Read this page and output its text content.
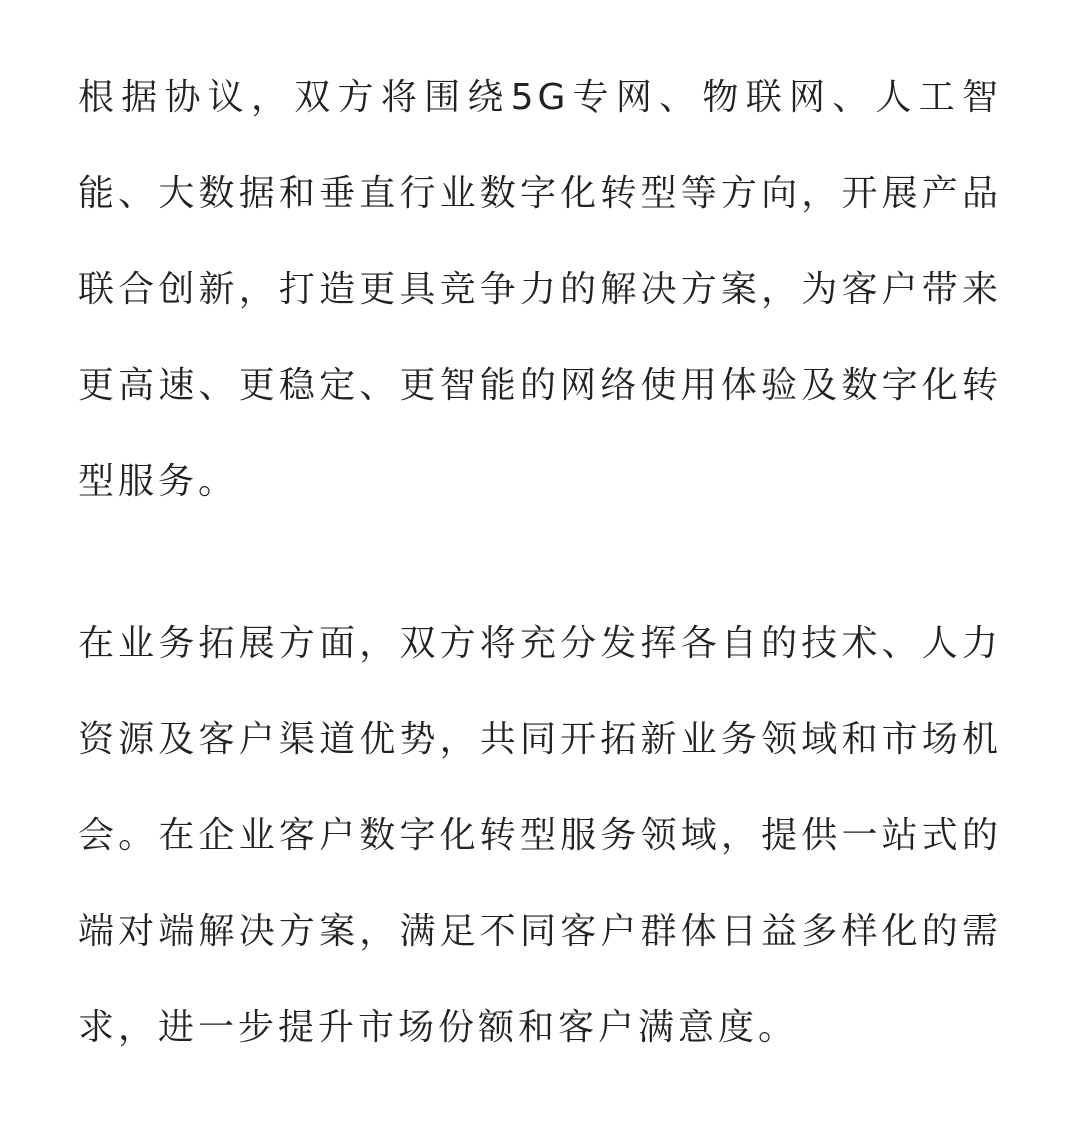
根据协议，双方将围绕5G专网、物联网、人工智能、大数据和垂直行业数字化转型等方向，开展产品联合创新，打造更具竞争力的解决方案，为客户带来更高速、更稳定、更智能的网络使用体验及数字化转型服务。

在业务拓展方面，双方将充分发挥各自的技术、人力资源及客户渠道优势，共同开拓新业务领域和市场机会。在企业客户数字化转型服务领域，提供一站式的端对端解决方案，满足不同客户群体日益多样化的需求，进一步提升市场份额和客户满意度。
